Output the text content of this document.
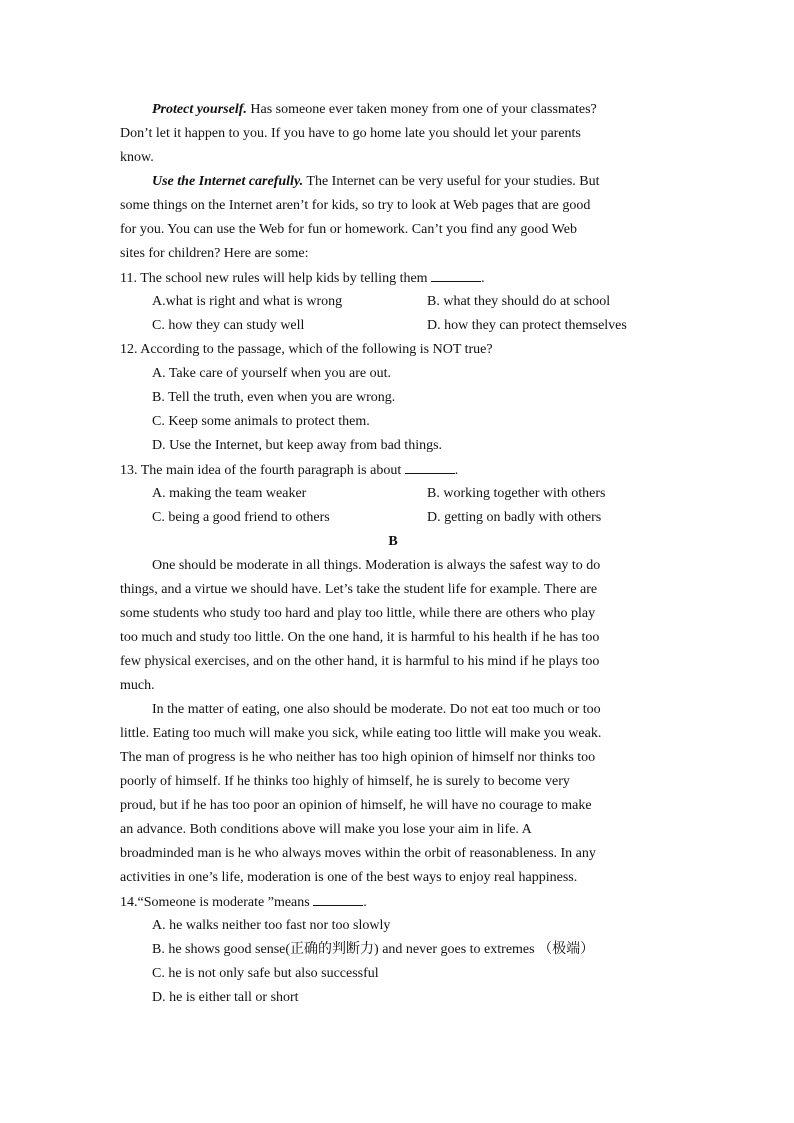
Protect yourself. Has someone ever taken money from one of your classmates?
Don’t let it happen to you. If you have to go home late you should let your parents
know.
Use the Internet carefully. The Internet can be very useful for your studies. But
some things on the Internet aren’t for kids, so try to look at Web pages that are good
for you. You can use the Web for fun or homework. Can’t you find any good Web
sites for children? Here are some:
11. The school new rules will help kids by telling them	.
A.what is right and what is wrong	B. what they should do at school
C. how they can study well	D. how they can protect themselves
12. According to the passage, which of the following is NOT true?
A. Take care of yourself when you are out.
B. Tell the truth, even when you are wrong.
C. Keep some animals to protect them.
D. Use the Internet, but keep away from bad things.
13. The main idea of the fourth paragraph is about	.
A. making the team weaker	B. working together with others
C. being a good friend to others	D. getting on badly with others
B
One should be moderate in all things. Moderation is always the safest way to do
things, and a virtue we should have. Let’s take the student life for example. There are
some students who study too hard and play too little, while there are others who play
too much and study too little. On the one hand, it is harmful to his health if he has too
few physical exercises, and on the other hand, it is harmful to his mind if he plays too
much.
In the matter of eating, one also should be moderate. Do not eat too much or too
little. Eating too much will make you sick, while eating too little will make you weak.
The man of progress is he who neither has too high opinion of himself nor thinks too
poorly of himself. If he thinks too highly of himself, he is surely to become very
proud, but if he has too poor an opinion of himself, he will have no courage to make
an advance. Both conditions above will make you lose your aim in life. A
broadminded man is he who always moves within the orbit of reasonableness. In any
activities in one’s life, moderation is one of the best ways to enjoy real happiness.
14.“Someone is moderate ”means	.
A. he walks neither too fast nor too slowly
B. he shows good sense(正确的判断力) and never goes to extremes （极端）
C. he is not only safe but also successful
D. he is either tall or short
